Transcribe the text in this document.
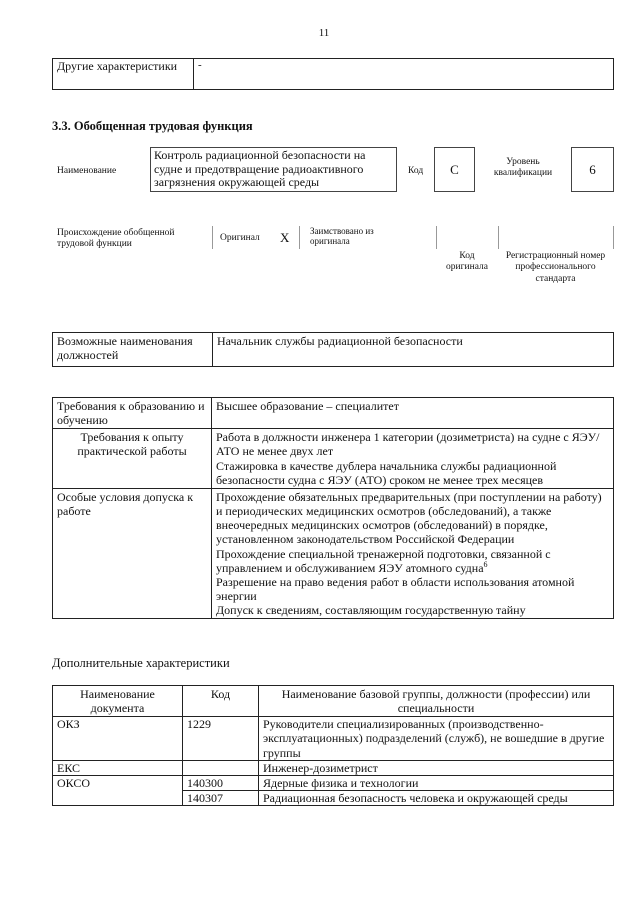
11
Другие характеристики	-
3.3. Обобщенная трудовая функция
Наименование
Контроль радиационной безопасности на судне и предотвращение радиоактивного загрязнения окружающей среды
Код	C	Уровень квалификации	6
Происхождение обобщенной трудовой функции
Оригинал X Заимствовано из оригинала
Код оригинала
Регистрационный номер профессионального стандарта
Возможные наименования должностей	Начальник службы радиационной безопасности
Требования к образованию и обучению	Высшее образование – специалитет

Требования к опыту практической работы	Работа в должности инженера 1 категории (дозиметриста) на судне с ЯЭУ/АТО не менее двух лет

Стажировка в качестве дублера начальника службы радиационной безопасности судна с ЯЭУ (АТО) сроком не менее трех месяцев

Особые условия допуска к работе	Прохождение обязательных предварительных (при поступлении на работу) и периодических медицинских осмотров (обследований), а также внеочередных медицинских осмотров (обследований) в порядке, установленном законодательством Российской Федерации

Прохождение специальной тренажерной подготовки, связанной с управлением и обслуживанием ЯЭУ атомного судна$^6$

Разрешение на право ведения работ в области использования атомной энергии

Допуск к сведениям, составляющим государственную тайну

Дополнительные характеристики
Наименование документа	Код	Наименование базовой группы, должности (профессии) или специальности
ОКЗ	1229	Руководители специализированных (производственно-эксплуатационных) подразделений (служб), не вошедшие в другие группы
ЕКС		Инженер-дозиметрист
ОКСО	140300	Ядерные физика и технологии
	140307	Радиационная безопасность человека и окружающей среды
